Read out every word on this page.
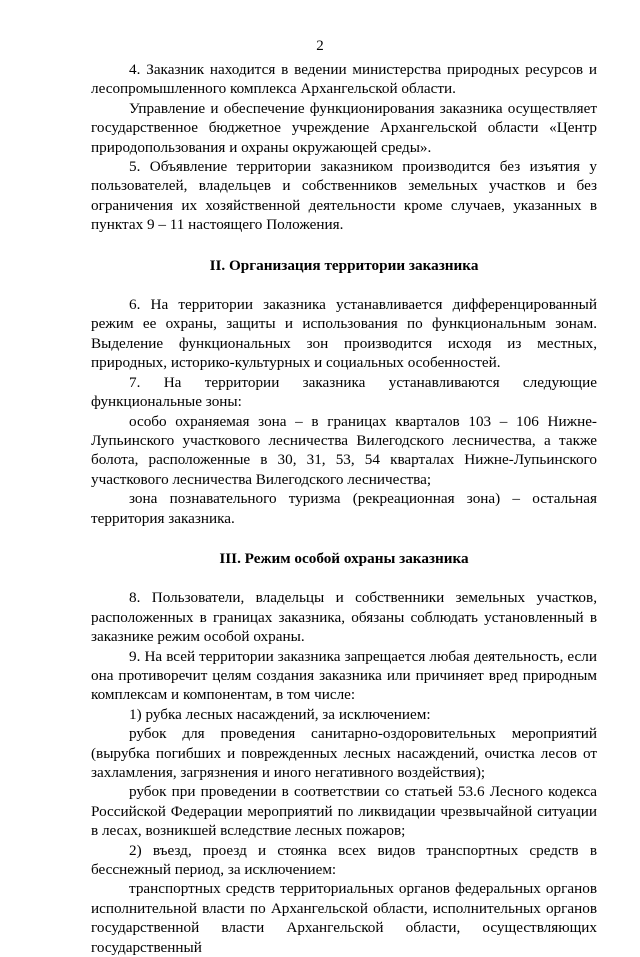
2

4. Заказник находится в ведении министерства природных ресурсов и лесопромышленного комплекса Архангельской области.

Управление и обеспечение функционирования заказника осуществляет государственное бюджетное учреждение Архангельской области «Центр природопользования и охраны окружающей среды».

5. Объявление территории заказником производится без изъятия у пользователей, владельцев и собственников земельных участков и без ограничения их хозяйственной деятельности кроме случаев, указанных в пунктах 9 – 11 настоящего Положения.

II. Организация территории заказника

6. На территории заказника устанавливается дифференцированный режим ее охраны, защиты и использования по функциональным зонам. Выделение функциональных зон производится исходя из местных, природных, историко-культурных и социальных особенностей.

7. На территории заказника устанавливаются следующие функциональные зоны:

особо охраняемая зона – в границах кварталов 103 – 106 Нижне-Лупьинского участкового лесничества Вилегодского лесничества, а также болота, расположенные в 30, 31, 53, 54 кварталах Нижне-Лупьинского участкового лесничества Вилегодского лесничества;

зона познавательного туризма (рекреационная зона) – остальная территория заказника.

III. Режим особой охраны заказника

8. Пользователи, владельцы и собственники земельных участков, расположенных в границах заказника, обязаны соблюдать установленный в заказнике режим особой охраны.

9. На всей территории заказника запрещается любая деятельность, если она противоречит целям создания заказника или причиняет вред природным комплексам и компонентам, в том числе:

1) рубка лесных насаждений, за исключением:

рубок для проведения санитарно-оздоровительных мероприятий (вырубка погибших и поврежденных лесных насаждений, очистка лесов от захламления, загрязнения и иного негативного воздействия);

рубок при проведении в соответствии со статьей 53.6 Лесного кодекса Российской Федерации мероприятий по ликвидации чрезвычайной ситуации в лесах, возникшей вследствие лесных пожаров;

2) въезд, проезд и стоянка всех видов транспортных средств в бесснежный период, за исключением:

транспортных средств территориальных органов федеральных органов исполнительной власти по Архангельской области, исполнительных органов государственной власти Архангельской области, осуществляющих государственный
